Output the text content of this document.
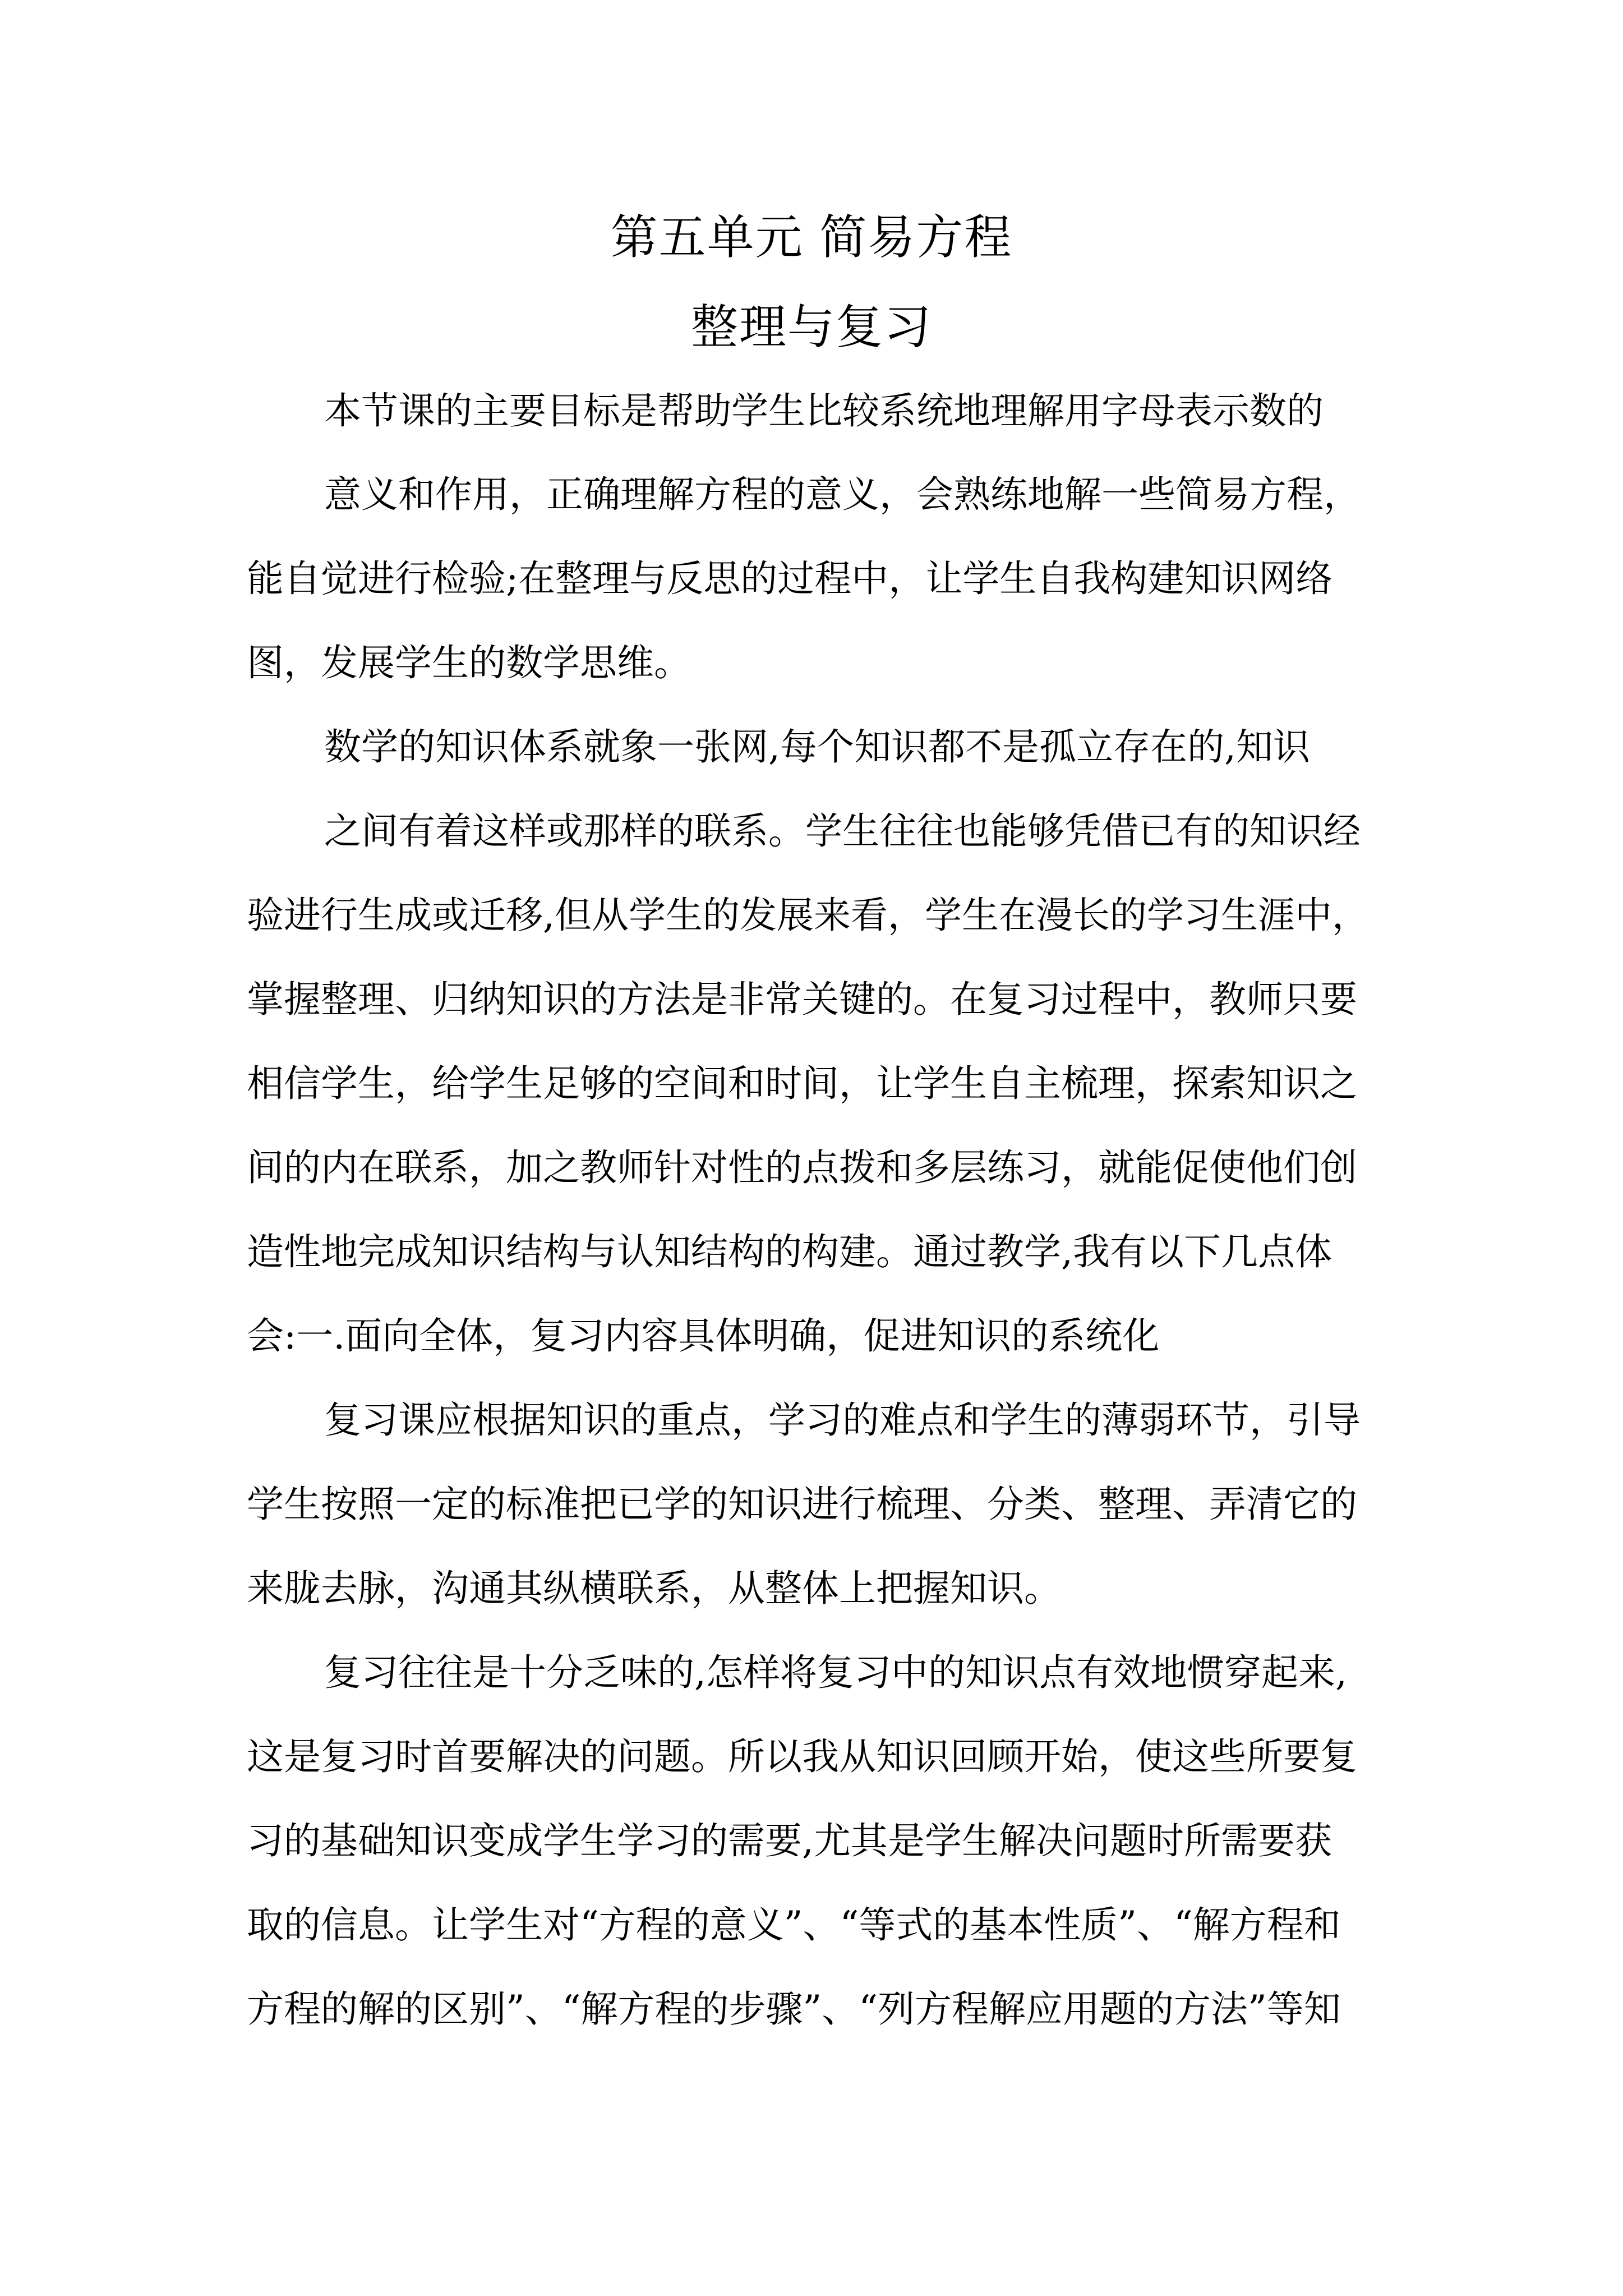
第五单元 简易方程
整理与复习
本节课的主要目标是帮助学生比较系统地理解用字母表示数的
意义和作用，正确理解方程的意义，会熟练地解一些简易方程，
能自觉进行检验;在整理与反思的过程中，让学生自我构建知识网络
图，发展学生的数学思维。
数学的知识体系就象一张网,每个知识都不是孤立存在的,知识
之间有着这样或那样的联系。学生往往也能够凭借已有的知识经
验进行生成或迁移,但从学生的发展来看，学生在漫长的学习生涯中，
掌握整理、归纳知识的方法是非常关键的。在复习过程中，教师只要
相信学生，给学生足够的空间和时间，让学生自主梳理，探索知识之
间的内在联系，加之教师针对性的点拨和多层练习，就能促使他们创
造性地完成知识结构与认知结构的构建。通过教学,我有以下几点体
会:一.面向全体，复习内容具体明确，促进知识的系统化
复习课应根据知识的重点，学习的难点和学生的薄弱环节，引导
学生按照一定的标准把已学的知识进行梳理、分类、整理、弄清它的
来胧去脉，沟通其纵横联系，从整体上把握知识。
复习往往是十分乏味的,怎样将复习中的知识点有效地惯穿起来,
这是复习时首要解决的问题。所以我从知识回顾开始，使这些所要复
习的基础知识变成学生学习的需要,尤其是学生解决问题时所需要获
取的信息。让学生对“方程的意义”、“等式的基本性质”、“解方程和
方程的解的区别”、“解方程的步骤”、“列方程解应用题的方法”等知
